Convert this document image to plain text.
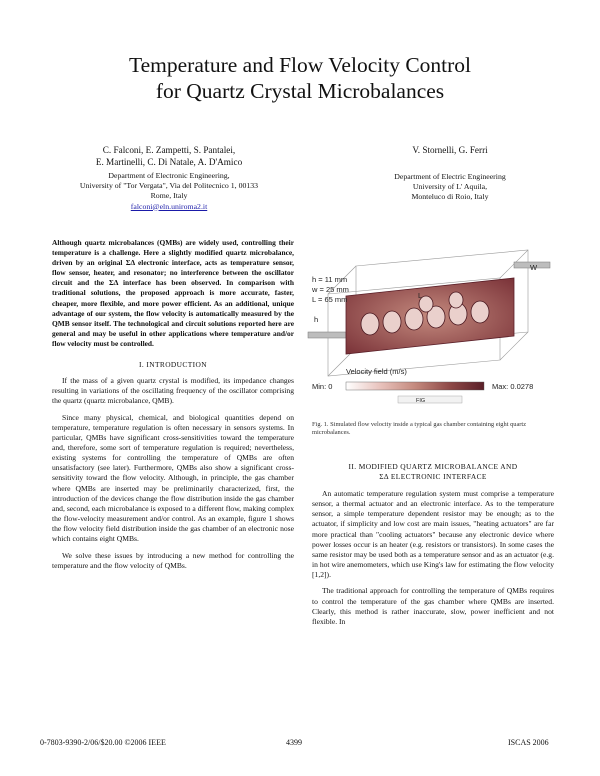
Temperature and Flow Velocity Control
for Quartz Crystal Microbalances
C. Falconi, E. Zampetti, S. Pantalei,
E. Martinelli, C. Di Natale, A. D'Amico
Department of Electronic Engineering,
University of "Tor Vergata", Via del Politecnico 1, 00133
Rome, Italy
falconi@eln.uniroma2.it
V. Stornelli, G. Ferri
Department of Electric Engineering
University of L' Aquila,
Monteluco di Roio, Italy

Although quartz microbalances (QMBs) are widely used, controlling their temperature is a challenge. Here a slightly modified quartz microbalance, driven by an original ΣΔ electronic interface, acts as temperature sensor, flow sensor, heater, and resonator; no interference between the oscillator circuit and the ΣΔ interface has been observed. In comparison with traditional solutions, the proposed approach is more accurate, faster, cheaper, more flexible, and more power efficient. As an additional, unique advantage of our system, the flow velocity is automatically measured by the QMB sensor itself. The technological and circuit solutions reported here are general and may be useful in other applications where temperature and/or flow velocity must be controlled.

I. INTRODUCTION

If the mass of a given quartz crystal is modified, its impedance changes resulting in variations of the oscillating frequency of the oscillator comprising the quartz (quartz microbalance, QMB).

Since many physical, chemical, and biological quantities depend on temperature, temperature regulation is often necessary in sensors systems. In particular, QMBs have significant cross-sensitivities toward the temperature and, therefore, some sort of temperature regulation is required; nevertheless, existing systems for controlling the temperature of QMBs are often unsatisfactory (see later). Furthermore, QMBs also show a significant cross-sensitivity toward the flow velocity. Although, in principle, the gas chamber where QMBs are inserted may be preliminarily characterized, first, the introduction of the devices change the flow distribution inside the gas chamber and, second, each microbalance is exposed to a different flow, making complex the flow-velocity measurement and/or control. As an example, figure 1 shows the flow velocity field distribution inside the gas chamber of an electronic nose which contains eight QMBs.

We solve these issues by introducing a new method for controlling the temperature and the flow velocity of QMBs.

h = 11 mm
w = 25 mm
L = 65 mm	L
W
h
Velocity field (m/s)
Min: 0	Max: 0.0278
FIG
Fig. 1. Simulated flow velocity inside a typical gas chamber containing eight quartz microbalances.
II. MODIFIED QUARTZ MICROBALANCE AND
ΣΔ ELECTRONIC INTERFACE

An automatic temperature regulation system must comprise a temperature sensor, a thermal actuator and an electronic interface. As to the temperature sensor, a simple temperature dependent resistor may be enough; as to the actuator, if simplicity and low cost are main issues, "heating actuators" are far more practical than "cooling actuators" because any electronic device where power losses occur is an heater (e.g. resistors or transistors). In some cases the same resistor may be used both as a temperature sensor and as an actuator (e.g. in hot wire anemometers, which use King's law for estimating the flow velocity [1,2]).

The traditional approach for controlling the temperature of QMBs requires to control the temperature of the gas chamber where QMBs are inserted. Clearly, this method is rather inaccurate, slow, power inefficient and not flexible. In

0-7803-9390-2/06/$20.00 ©2006 IEEE	4399	ISCAS 2006
